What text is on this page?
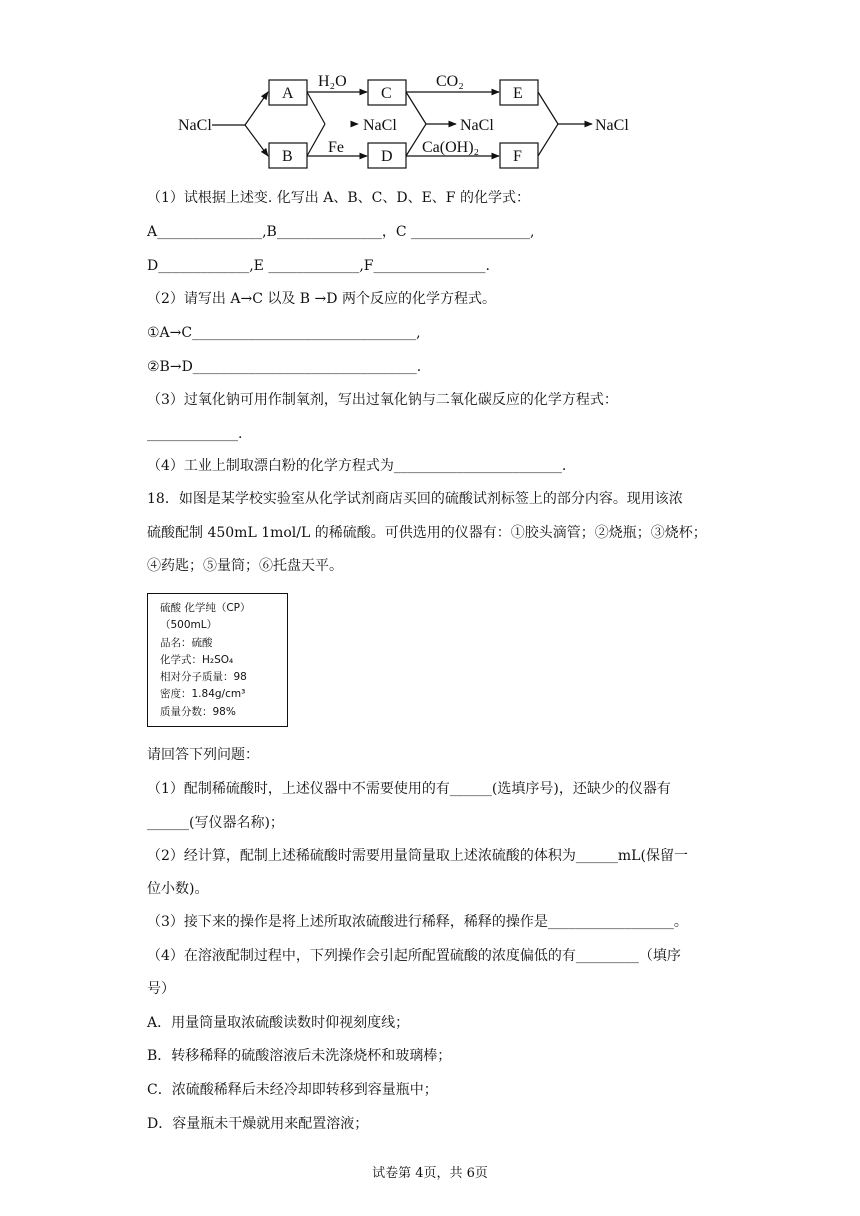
NaCl
A
B
C
D
E
F
H₂O
Fe
CO₂
Ca(OH)₂
NaCl	NaCl	NaCl
（1）试根据上述变. 化写出 A、B、C、D、E、F 的化学式：
A_______________,B_______________，C _________________,
D_____________,E _____________,F________________.
（2）请写出 A→C 以及 B →D 两个反应的化学方程式。
①A→C________________________________,
②B→D________________________________.
（3）过氧化钠可用作制氧剂，写出过氧化钠与二氧化碳反应的化学方程式：
_____________.
（4）工业上制取漂白粉的化学方程式为________________________.
18．如图是某学校实验室从化学试剂商店买回的硫酸试剂标签上的部分内容。现用该浓
硫酸配制 450mL 1mol/L 的稀硫酸。可供选用的仪器有：①胶头滴管；②烧瓶；③烧杯；
④药匙；⑤量筒；⑥托盘天平。
硫酸 化学纯（CP）
（500mL）
品名：硫酸
化学式：H₂SO₄
相对分子质量：98
密度：1.84g/cm³
质量分数：98%
请回答下列问题：
（1）配制稀硫酸时，上述仪器中不需要使用的有______(选填序号)，还缺少的仪器有
______(写仪器名称)；
（2）经计算，配制上述稀硫酸时需要用量筒量取上述浓硫酸的体积为______mL(保留一
位小数)。
（3）接下来的操作是将上述所取浓硫酸进行稀释，稀释的操作是__________________。
（4）在溶液配制过程中，下列操作会引起所配置硫酸的浓度偏低的有_________（填序
号）
A．用量筒量取浓硫酸读数时仰视刻度线；
B．转移稀释的硫酸溶液后未洗涤烧杯和玻璃棒；
C．浓硫酸稀释后未经冷却即转移到容量瓶中；
D．容量瓶未干燥就用来配置溶液；
试卷第 4页，共 6页
